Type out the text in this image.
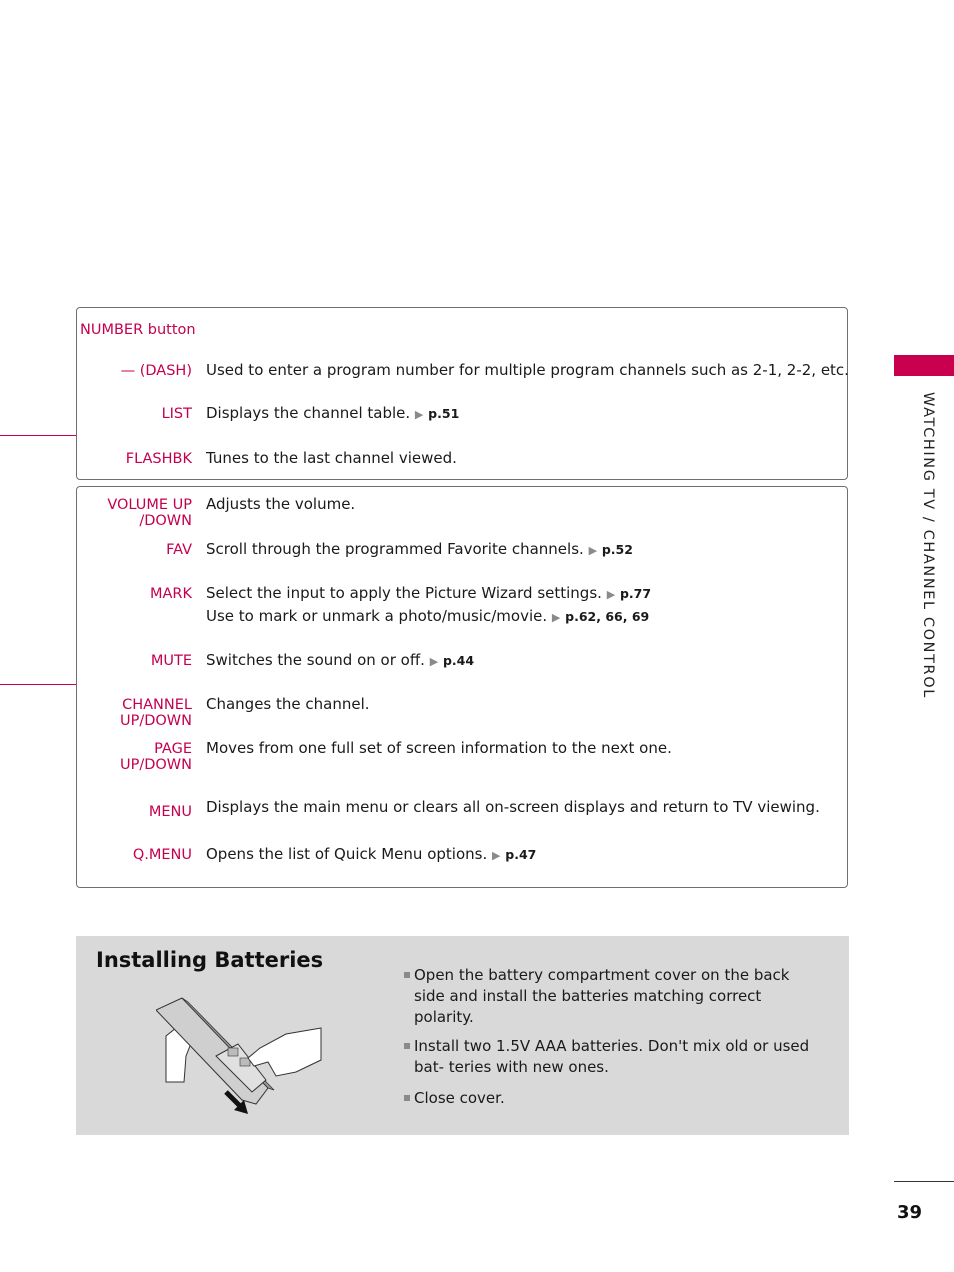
WATCHING TV / CHANNEL CONTROL
39
NUMBER button
— (DASH) Used to enter a program number for multiple program channels such as 2-1, 2-2, etc.
LIST Displays the channel table. ▶ p.51
FLASHBK Tunes to the last channel viewed.
VOLUME UP
/DOWN
Adjusts the volume.
FAV Scroll through the programmed Favorite channels. ▶ p.52
MARK Select the input to apply the Picture Wizard settings. ▶ p.77
Use to mark or unmark a photo/music/movie. ▶ p.62, 66, 69
MUTE Switches the sound on or off. ▶ p.44
CHANNEL
UP/DOWN
Changes the channel.
PAGE
UP/DOWN
Moves from one full set of screen information to the next one.
MENU Displays the main menu or clears all on-screen displays and return to TV viewing.
Q.MENU Opens the list of Quick Menu options. ▶ p.47
Installing Batteries
Open the battery compartment cover on the back side and install the batteries matching correct polarity.
Install two 1.5V AAA batteries. Don't mix old or used bat- teries with new ones.
Close cover.
